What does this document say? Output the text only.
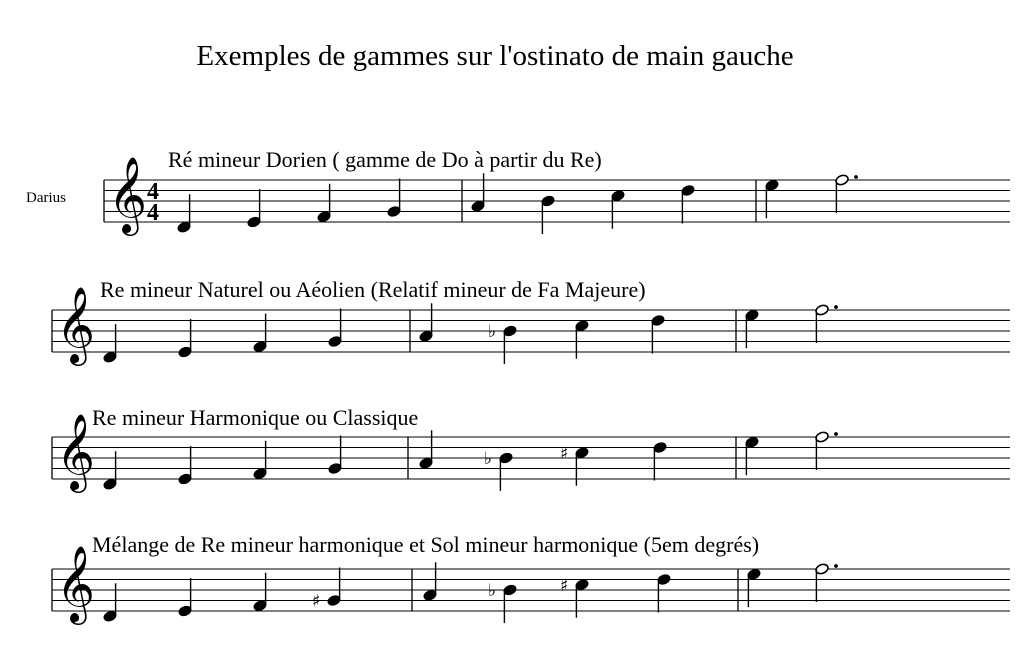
Exemples de gammes sur l'ostinato de main gauche
Darius
Ré mineur Dorien ( gamme de Do à partir du Re)
Re mineur Naturel ou Aéolien (Relatif mineur de Fa Majeure)
Re mineur Harmonique ou Classique
Mélange de Re mineur harmonique et Sol mineur harmonique (5em degrés)
𝄞 4
4
𝄞	♭
𝄞	♭	♯
𝄞	♯
♭	♯
